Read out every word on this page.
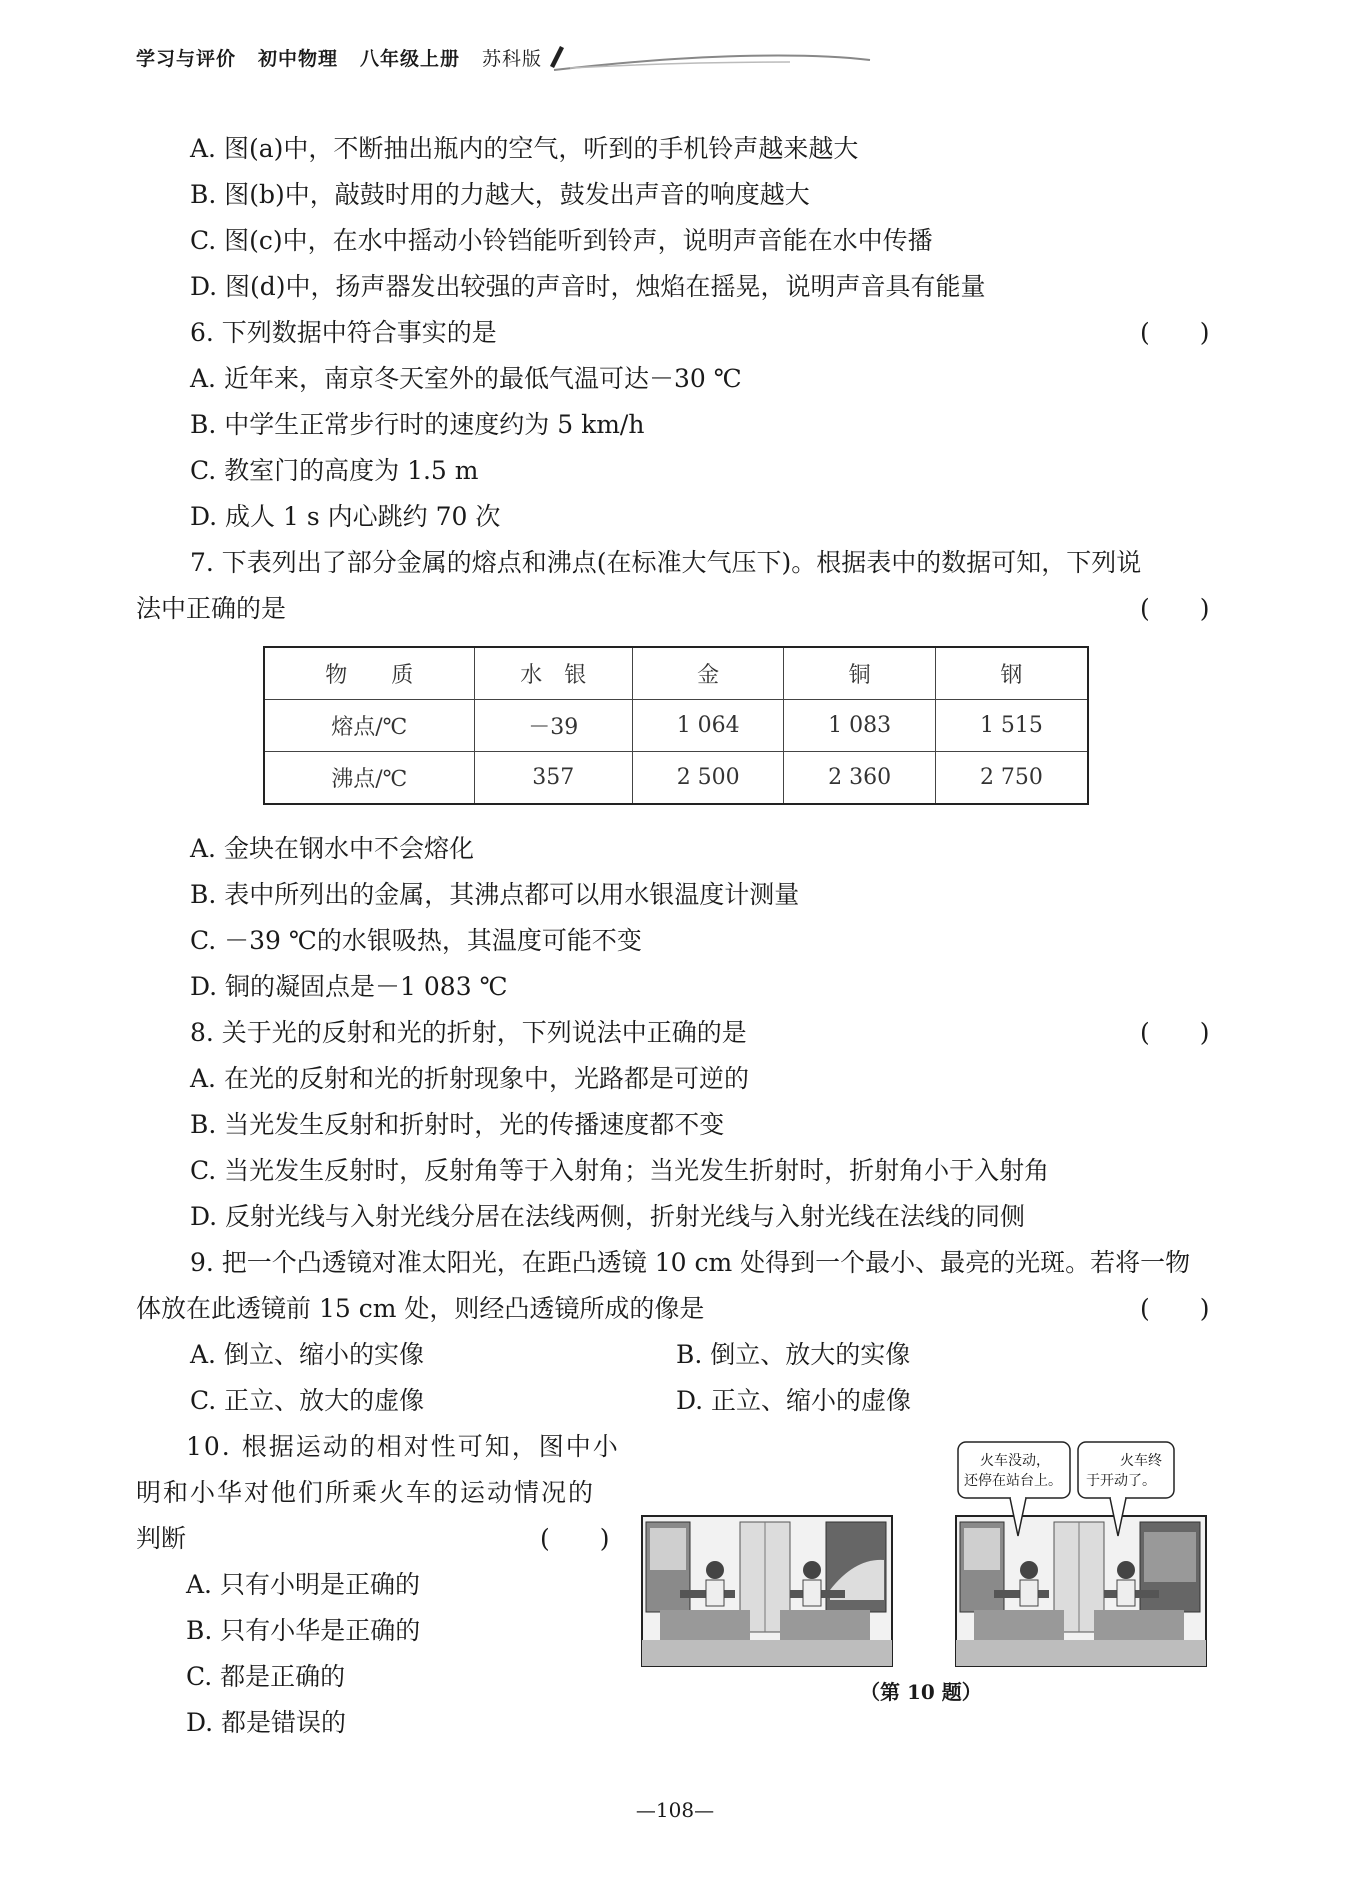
学习与评价 初中物理 八年级上册 苏科版
A. 图(a)中，不断抽出瓶内的空气，听到的手机铃声越来越大
B. 图(b)中，敲鼓时用的力越大，鼓发出声音的响度越大
C. 图(c)中，在水中摇动小铃铛能听到铃声，说明声音能在水中传播
D. 图(d)中，扬声器发出较强的声音时，烛焰在摇晃，说明声音具有能量
6. 下列数据中符合事实的是	(　　)
A. 近年来，南京冬天室外的最低气温可达－30 ℃
B. 中学生正常步行时的速度约为 5 km/h
C. 教室门的高度为 1.5 m
D. 成人 1 s 内心跳约 70 次
7. 下表列出了部分金属的熔点和沸点(在标准大气压下)。根据表中的数据可知，下列说
法中正确的是	(　　)
物　　质	水　银	金	铜	钢
熔点/℃	－39	1 064	1 083	1 515
沸点/℃	357	2 500	2 360	2 750
A. 金块在钢水中不会熔化
B. 表中所列出的金属，其沸点都可以用水银温度计测量
C. －39 ℃的水银吸热，其温度可能不变
D. 铜的凝固点是－1 083 ℃
8. 关于光的反射和光的折射，下列说法中正确的是	(　　)
A. 在光的反射和光的折射现象中，光路都是可逆的
B. 当光发生反射和折射时，光的传播速度都不变
C. 当光发生反射时，反射角等于入射角；当光发生折射时，折射角小于入射角
D. 反射光线与入射光线分居在法线两侧，折射光线与入射光线在法线的同侧
9. 把一个凸透镜对准太阳光，在距凸透镜 10 cm 处得到一个最小、最亮的光斑。若将一物
体放在此透镜前 15 cm 处，则经凸透镜所成的像是	(　　)
A. 倒立、缩小的实像	B. 倒立、放大的实像
C. 正立、放大的虚像	D. 正立、缩小的虚像
10. 根据运动的相对性可知，图中小
明和小华对他们所乘火车的运动情况的
判断	(　　)
A. 只有小明是正确的
B. 只有小华是正确的
C. 都是正确的
D. 都是错误的
火车没动，
还停在站台上。
火车终
于开动了。
（第 10 题）
—108—
